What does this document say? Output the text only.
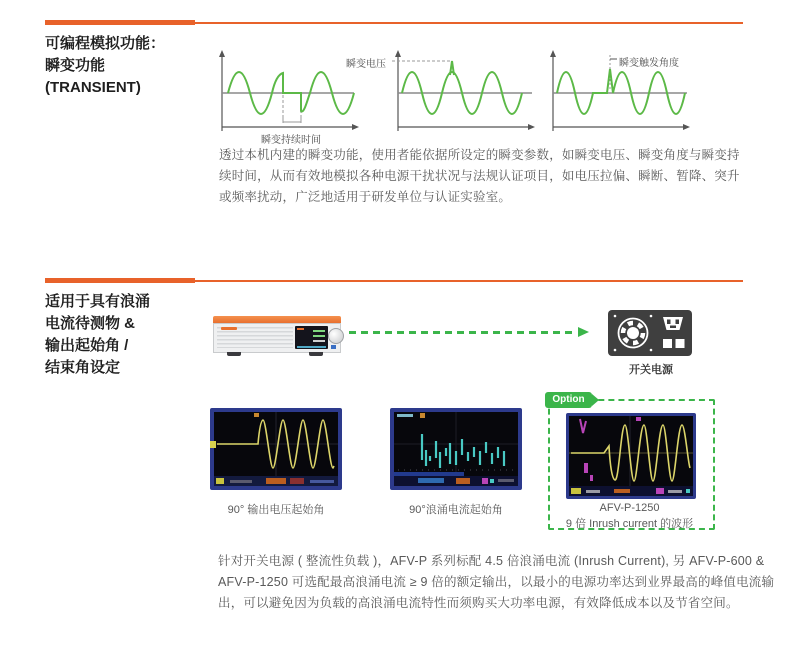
可编程模拟功能：
瞬变功能
(TRANSIENT)
瞬变持续时间
瞬变电压	瞬变触发角度

透过本机内建的瞬变功能，使用者能依据所设定的瞬变参数，如瞬变电压、瞬变角度与瞬变持续时间，从而有效地模拟各种电源干扰状况与法规认证项目，如电压拉偏、瞬断、暂降、突升或频率扰动，广泛地适用于研发单位与认证实验室。

适用于具有浪涌
电流待测物 &
输出起始角 /
结束角设定	开关电源
90° 输出电压起始角	90°浪涌电流起始角
Option
AFV-P-1250
9 倍 Inrush current 的波形

针对开关电源 ( 整流性负载 )，AFV-P 系列标配 4.5 倍浪涌电流 (Inrush Current), 另 AFV-P-600 & AFV-P-1250 可选配最高浪涌电流 ≥ 9 倍的额定输出，以最小的电源功率达到业界最高的峰值电流输出，可以避免因为负载的高浪涌电流特性而须购买大功率电源，有效降低成本以及节省空间。
